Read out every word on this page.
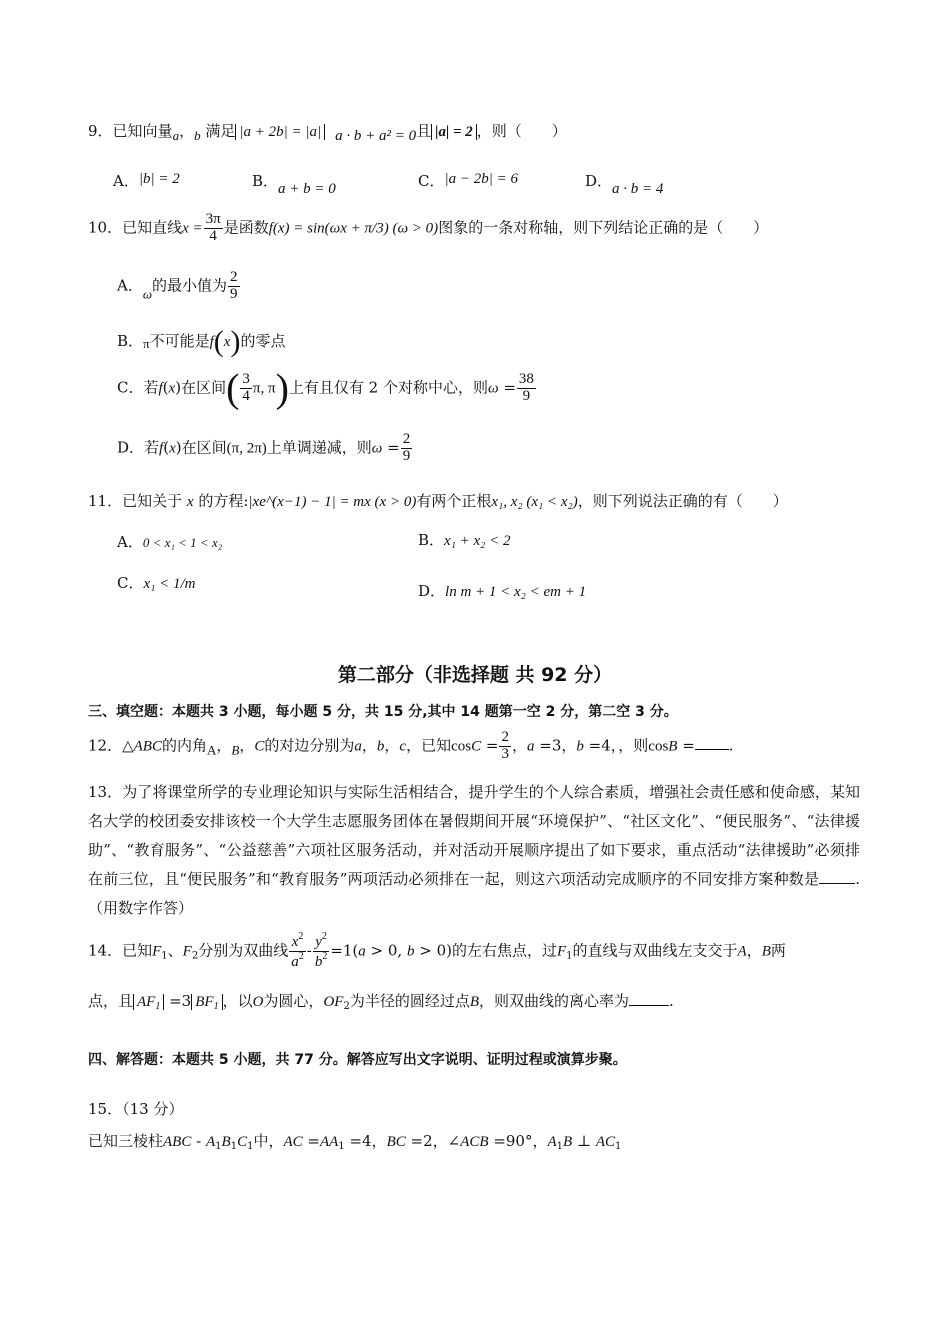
9．已知向量a，b 满足 |a + 2b| = |a| a · b + a² = 0且 |a| = 2 ，则（　　）
A．|b| = 2	B．a + b = 0	C．|a − 2b| = 6	D．a · b = 4
10．已知直线$x = \frac{3\pi}{4}$ 是函数f(x) = sin(ωx + π/3) (ω > 0)图象的一条对称轴，则下列结论正确的是（　　）
A．ω的最小值为 $\frac{2}{9}$
B．π不可能是f(x)的零点
C．若f(x)在区间( $\frac{3}{4} \pi$, π)上有且仅有 2 个对称中心，则$\omega = \frac{38}{9}$
D．若f(x)在区间(π, 2π)上单调递减，则$\omega = \frac{2}{9}$
11．已知关于 x 的方程:|xe^(x−1) − 1| = mx (x > 0)有两个正根x₁, x₂ (x₁ < x₂)，则下列说法正确的有（　　）
A．0 < x₁ < 1 < x₂	B．x₁ + x₂ < 2
C．x₁ < 1/m	D．ln m + 1 < x₂ < em + 1
第二部分（非选择题 共 92 分）
三、填空题：本题共 3 小题，每小题 5 分，共 15 分,其中 14 题第一空 2 分，第二空 3 分。
12．△ABC的内角A，B，C的对边分别为a，b，c，已知$\cos C = \frac{2}{3}$ ，a =3，b =4，，则cosB = .
13．为了将课堂所学的专业理论知识与实际生活相结合，提升学生的个人综合素质，增强社会责任感和使命感，某知名大学的校团委安排该校一个大学生志愿服务团体在暑假期间开展“环境保护”、“社区文化”、“便民服务”、“法律援助”、“教育服务”、“公益慈善”六项社区服务活动，并对活动开展顺序提出了如下要求，重点活动“法律援助”必须排在前三位，且“便民服务”和“教育服务”两项活动必须排在一起，则这六项活动完成顺序的不同安排方案种数是 .（用数字作答）
14．已知$F_1$、$F_2$分别为双曲线 $\frac{x^2}{a^2} - \frac{y^2}{b^2} =1(a > 0$, b > 0)的左右焦点，过$F_1$的直线与双曲线左支交于A，B两
点，且 $AF_1 =3$ $BF_1$ ，以O为圆心，$OF_2$为半径的圆经过点B，则双曲线的离心率为	.
四、解答题：本题共 5 小题，共 77 分。解答应写出文字说明、证明过程或演算步聚。
15．（13 分）
已知三棱柱ABC - $A_1B_1C_1$中，AC $=AA_1 =4$，BC =2，∠ACB =90°，$A_1B$ ⊥ $AC_1$
